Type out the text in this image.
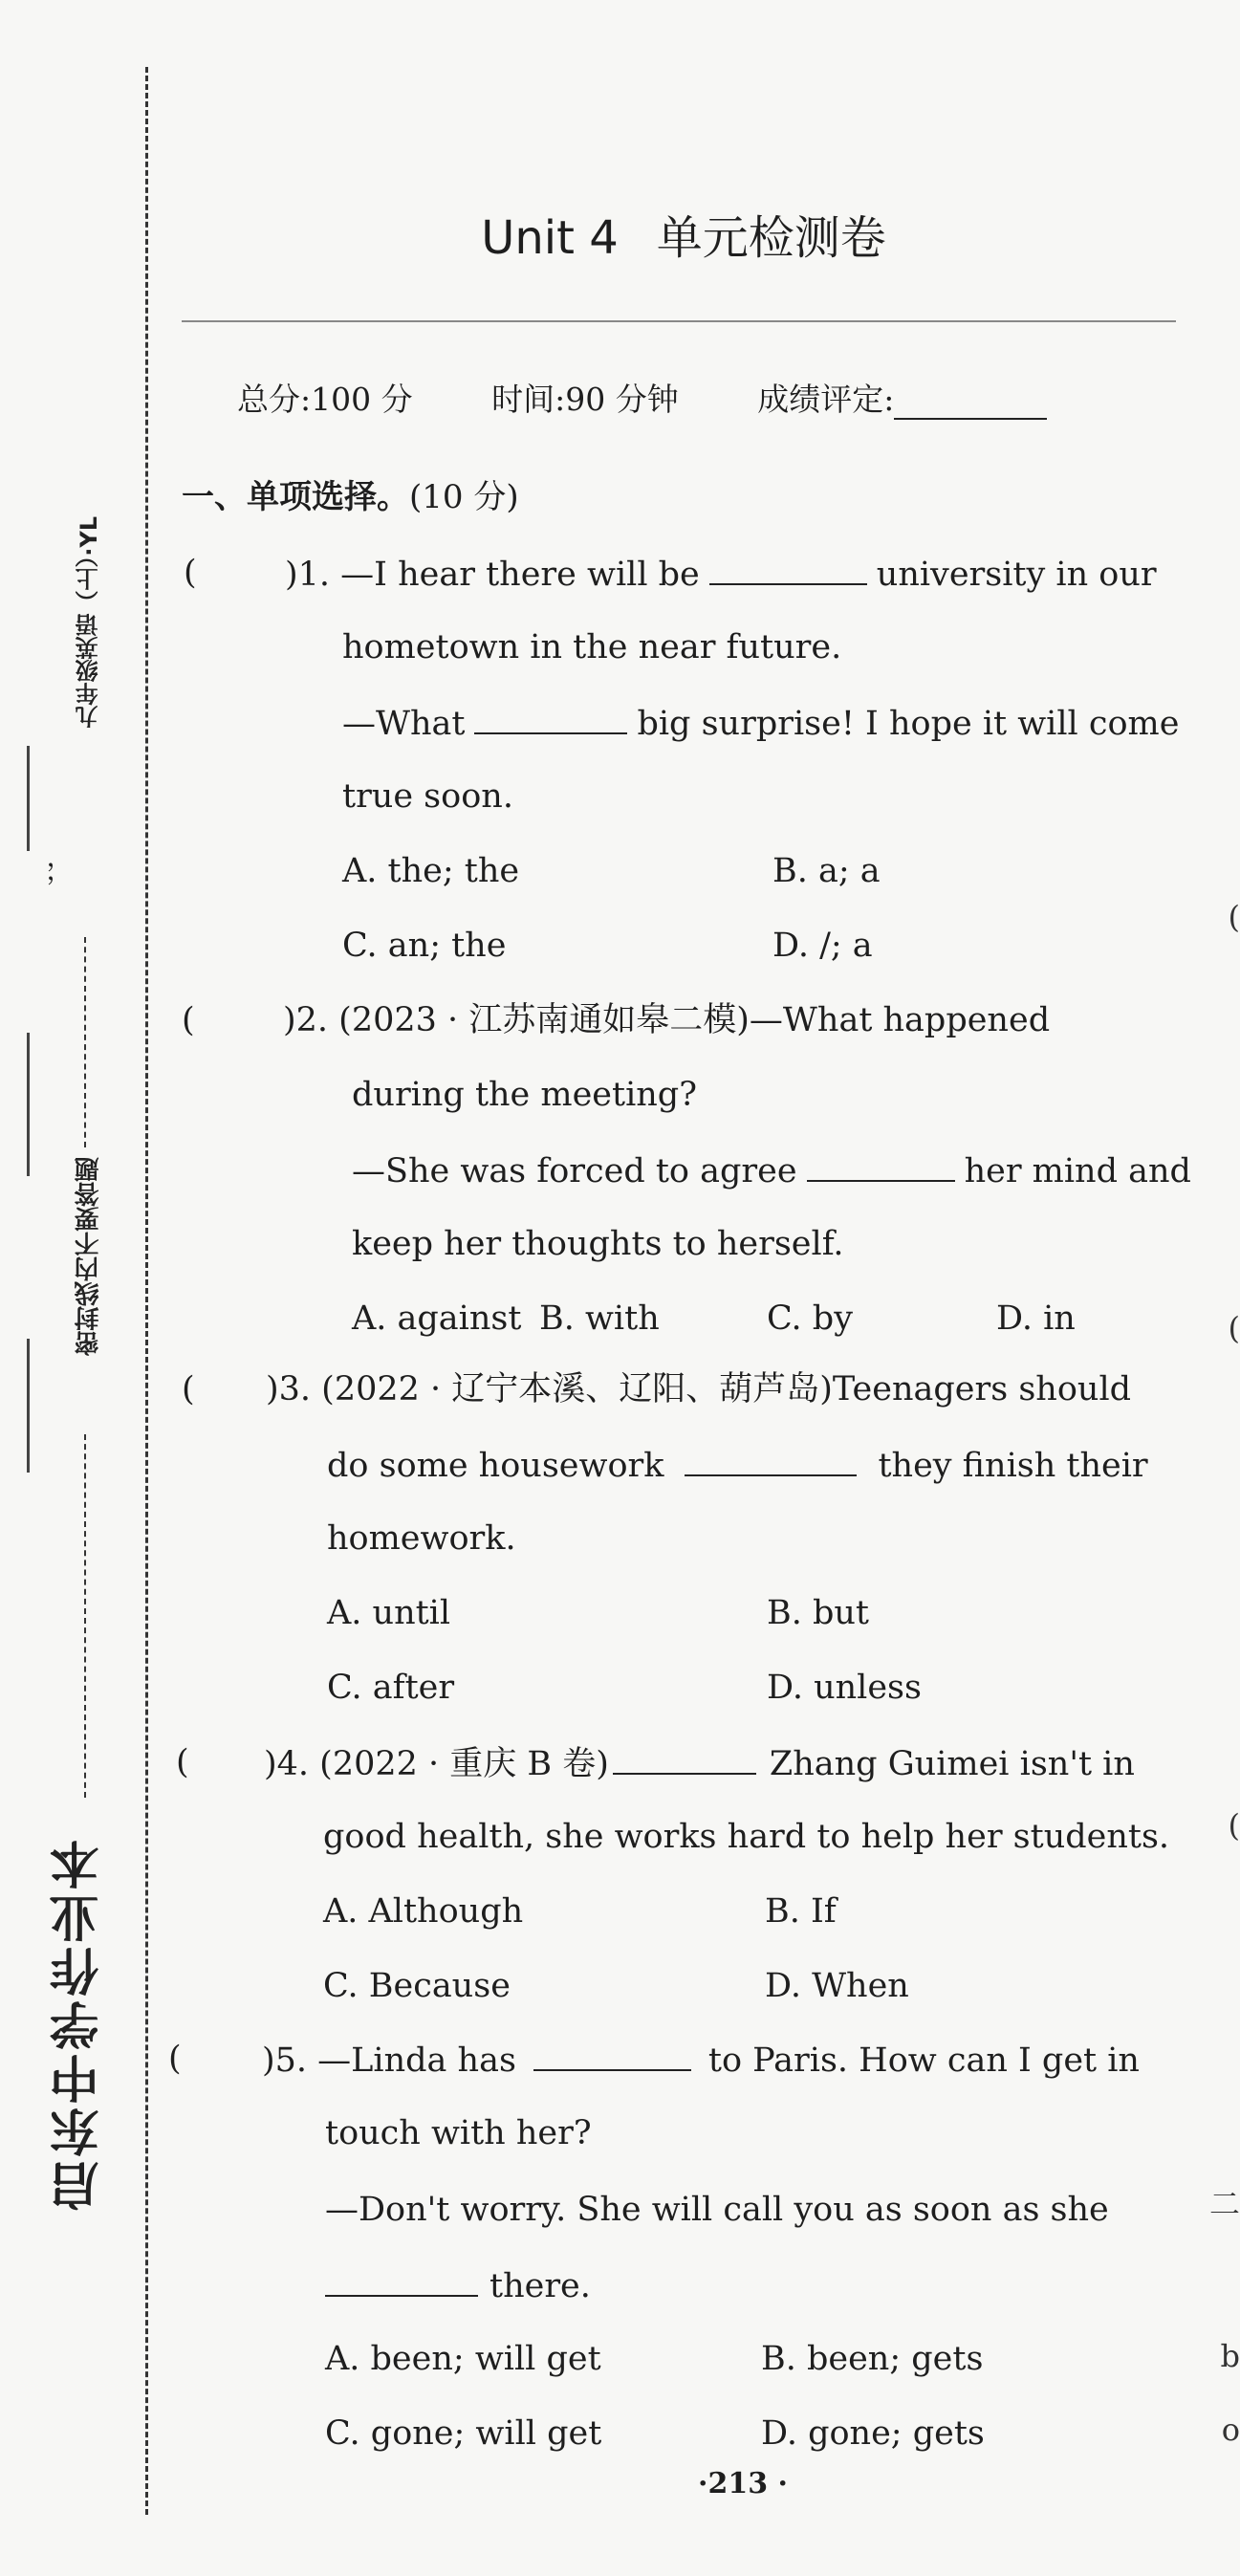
，，
启东中学作业本
密封线内不要答题
九年级英语（上）·YL
Unit 4 单元检测卷
总分:100 分	时间:90 分钟	成绩评定:
一、单项选择。(10 分)
(	)1. —I hear there will be	university in our
hometown in the near future.
—What	big surprise! I hope it will come
true soon.
A. the; the	B. a; a
C. an; the	D. /; a
(	)2. (2023 · 江苏南通如皋二模)—What happened
during the meeting?
—She was forced to agree	her mind and
keep her thoughts to herself.
A. against B. with	C. by	D. in
( )3. (2022 · 辽宁本溪、辽阳、葫芦岛)Teenagers should
do some housework	they finish their
homework.
A. until	B. but
C. after	D. unless
( )4. (2022 · 重庆 B 卷)	Zhang Guimei isn't in
good health, she works hard to help her students.
A. Although	B. If
C. Because	D. When
( )5. —Linda has	to Paris. How can I get in
touch with her?
—Don't worry. She will call you as soon as she
there.
A. been; will get	B. been; gets
C. gone; will get	D. gone; gets
·213 ·
(
(
(
二
b
o
